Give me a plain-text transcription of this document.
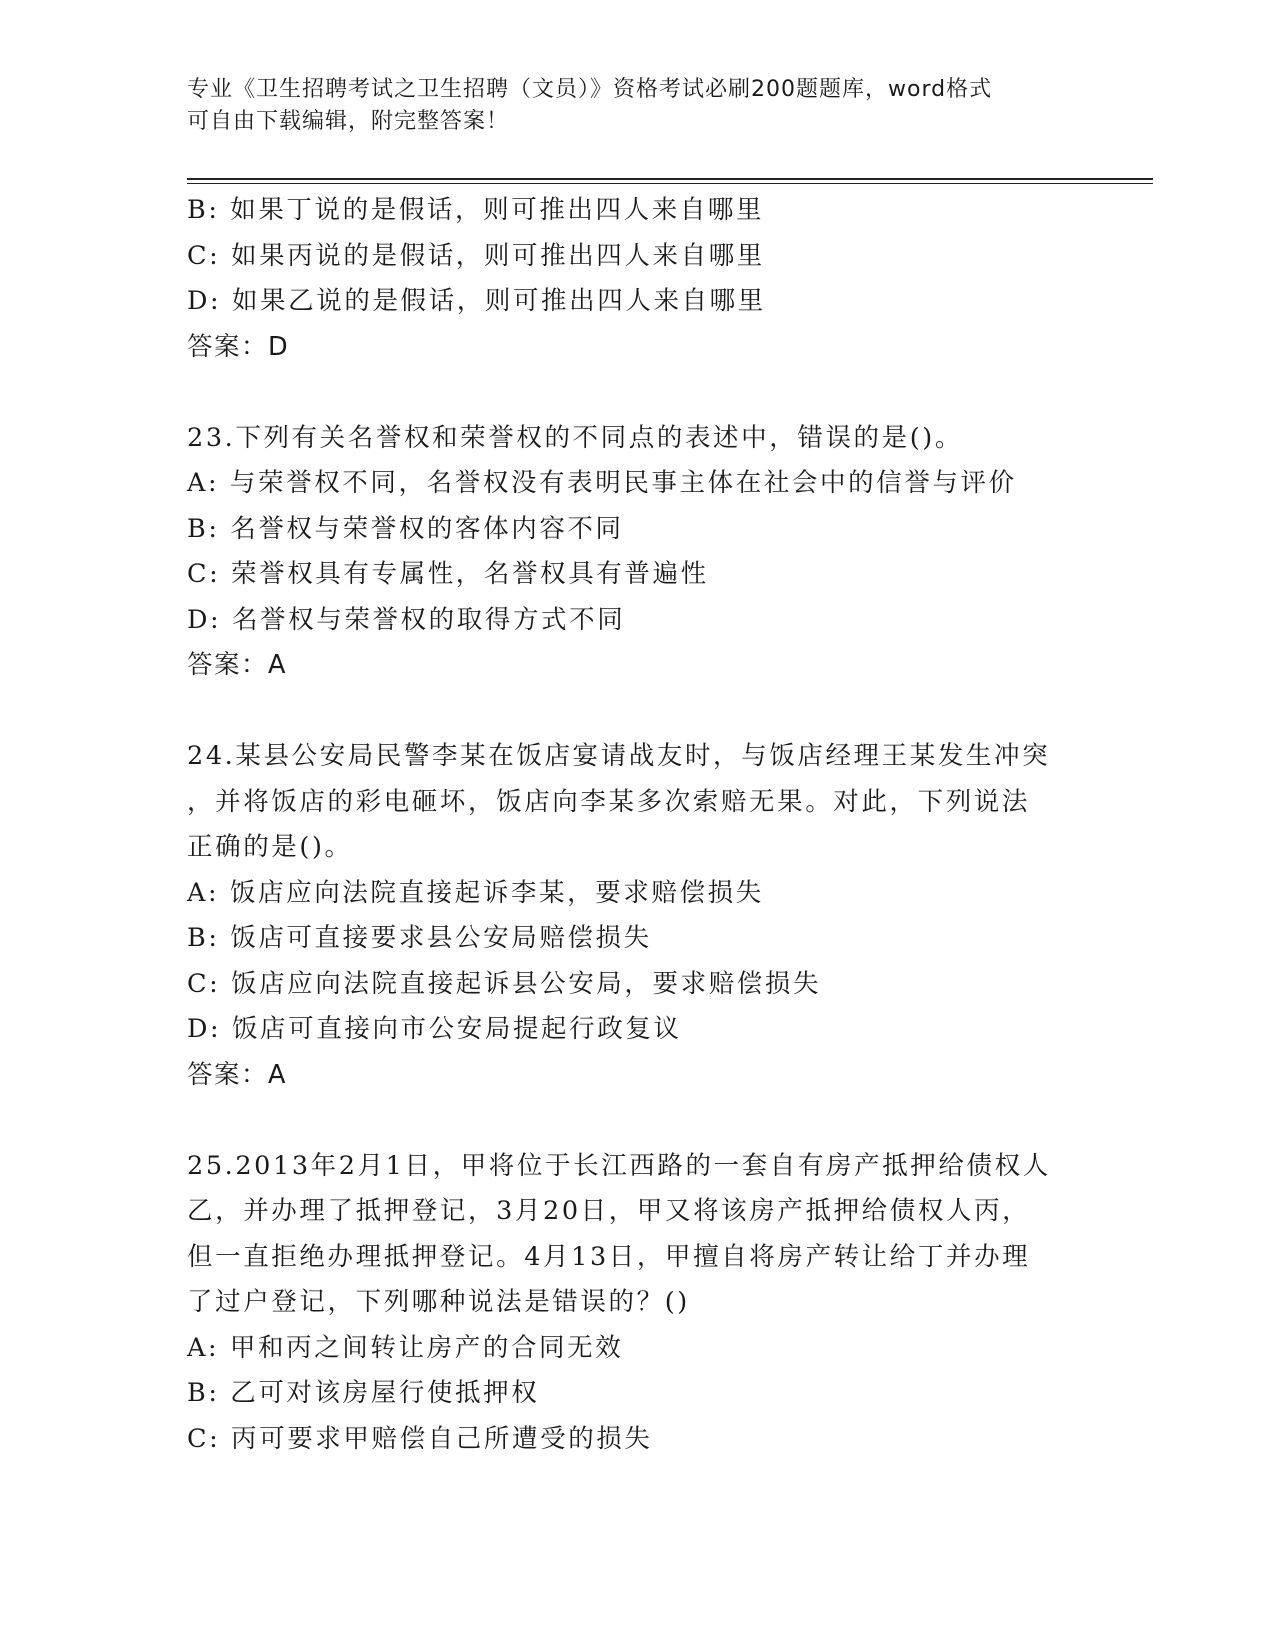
专业《卫生招聘考试之卫生招聘（文员）》资格考试必刷200题题库，word格式
可自由下载编辑，附完整答案！
B: 如果丁说的是假话，则可推出四人来自哪里
C: 如果丙说的是假话，则可推出四人来自哪里
D: 如果乙说的是假话，则可推出四人来自哪里
答案：D
23.下列有关名誉权和荣誉权的不同点的表述中，错误的是()。
A: 与荣誉权不同，名誉权没有表明民事主体在社会中的信誉与评价
B: 名誉权与荣誉权的客体内容不同
C: 荣誉权具有专属性，名誉权具有普遍性
D: 名誉权与荣誉权的取得方式不同
答案：A
24.某县公安局民警李某在饭店宴请战友时，与饭店经理王某发生冲突
，并将饭店的彩电砸坏，饭店向李某多次索赔无果。对此，下列说法
正确的是()。
A: 饭店应向法院直接起诉李某，要求赔偿损失
B: 饭店可直接要求县公安局赔偿损失
C: 饭店应向法院直接起诉县公安局，要求赔偿损失
D: 饭店可直接向市公安局提起行政复议
答案：A
25.2013年2月1日，甲将位于长江西路的一套自有房产抵押给债权人
乙，并办理了抵押登记，3月20日，甲又将该房产抵押给债权人丙，
但一直拒绝办理抵押登记。4月13日，甲擅自将房产转让给丁并办理
了过户登记，下列哪种说法是错误的？()
A: 甲和丙之间转让房产的合同无效
B: 乙可对该房屋行使抵押权
C: 丙可要求甲赔偿自己所遭受的损失
